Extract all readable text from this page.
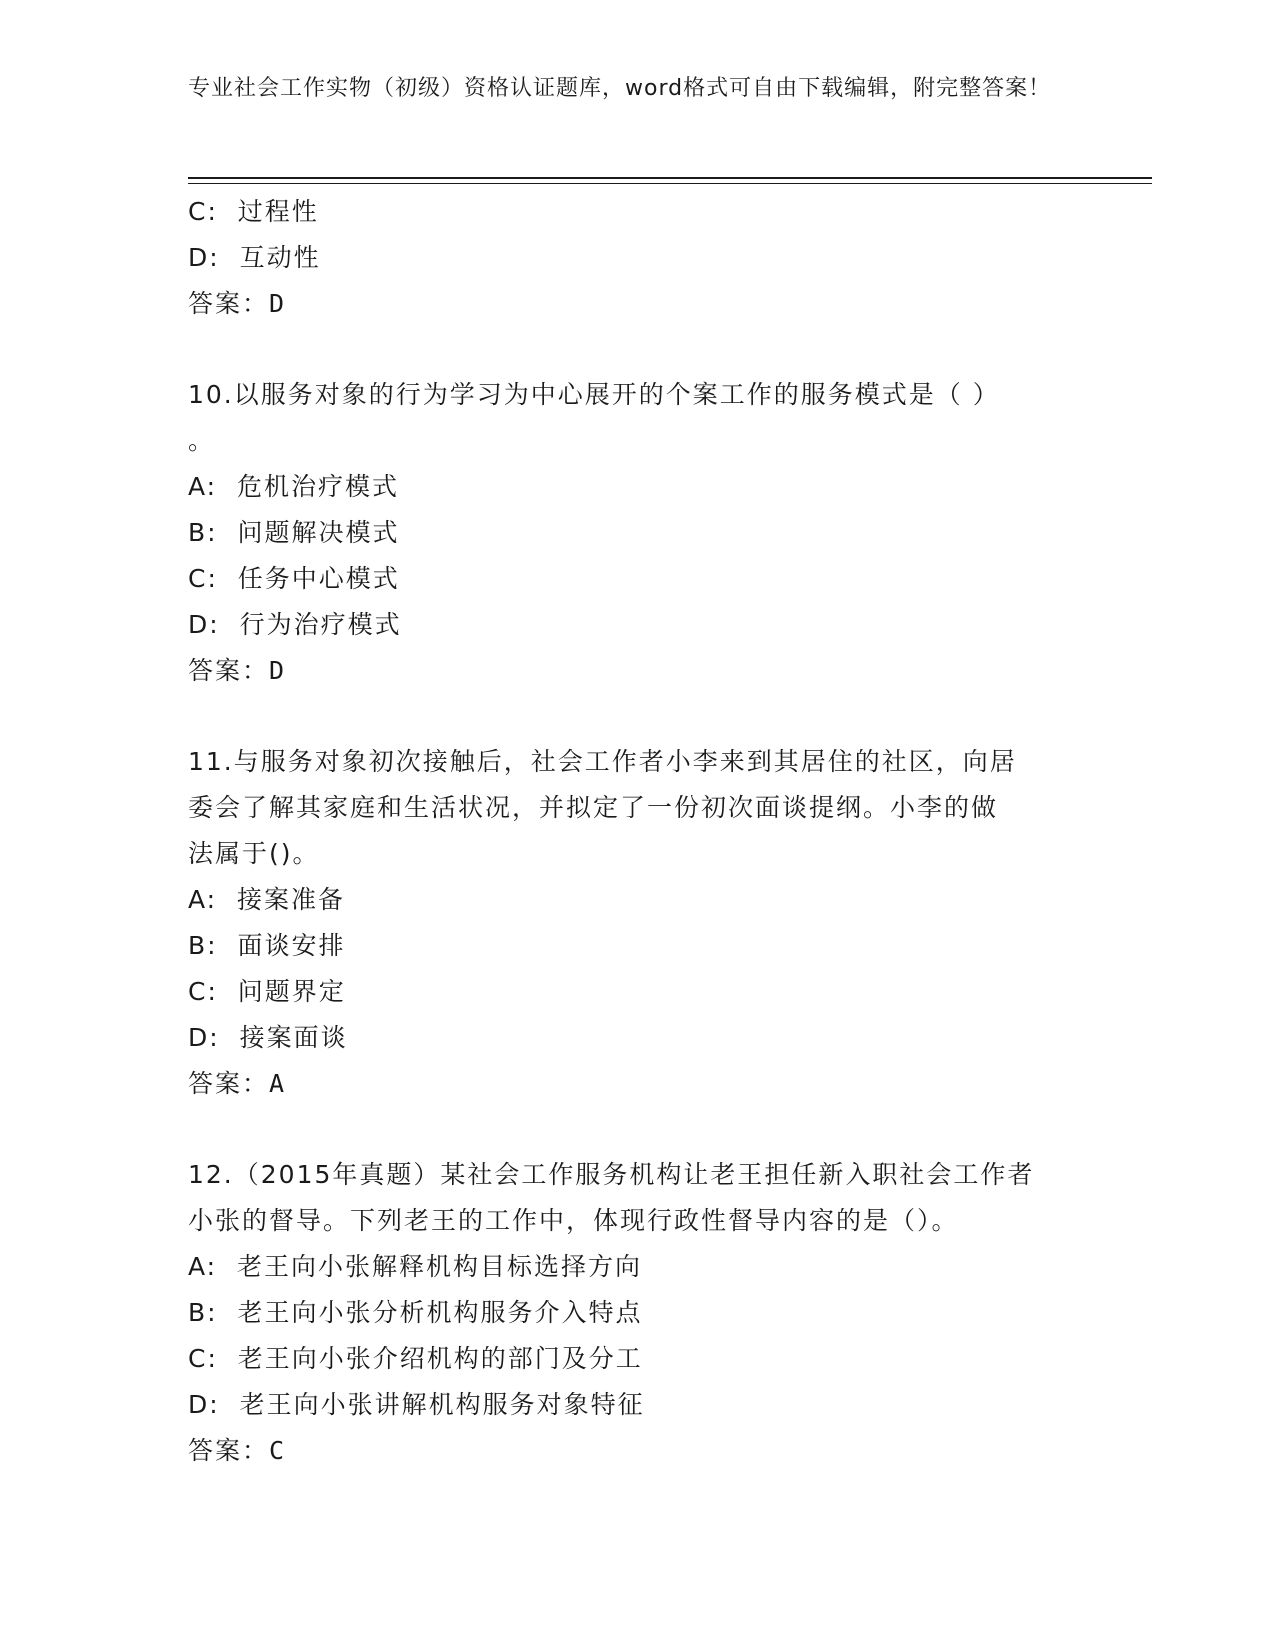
专业社会工作实物（初级）资格认证题库，word格式可自由下载编辑，附完整答案！
C: 过程性
D: 互动性
答案：D
10.以服务对象的行为学习为中心展开的个案工作的服务模式是（ ）
。
A: 危机治疗模式
B: 问题解决模式
C: 任务中心模式
D: 行为治疗模式
答案：D
11.与服务对象初次接触后，社会工作者小李来到其居住的社区，向居
委会了解其家庭和生活状况，并拟定了一份初次面谈提纲。小李的做
法属于()。
A: 接案准备
B: 面谈安排
C: 问题界定
D: 接案面谈
答案：A
12.（2015年真题）某社会工作服务机构让老王担任新入职社会工作者
小张的督导。下列老王的工作中，体现行政性督导内容的是（）。
A: 老王向小张解释机构目标选择方向
B: 老王向小张分析机构服务介入特点
C: 老王向小张介绍机构的部门及分工
D: 老王向小张讲解机构服务对象特征
答案：C
